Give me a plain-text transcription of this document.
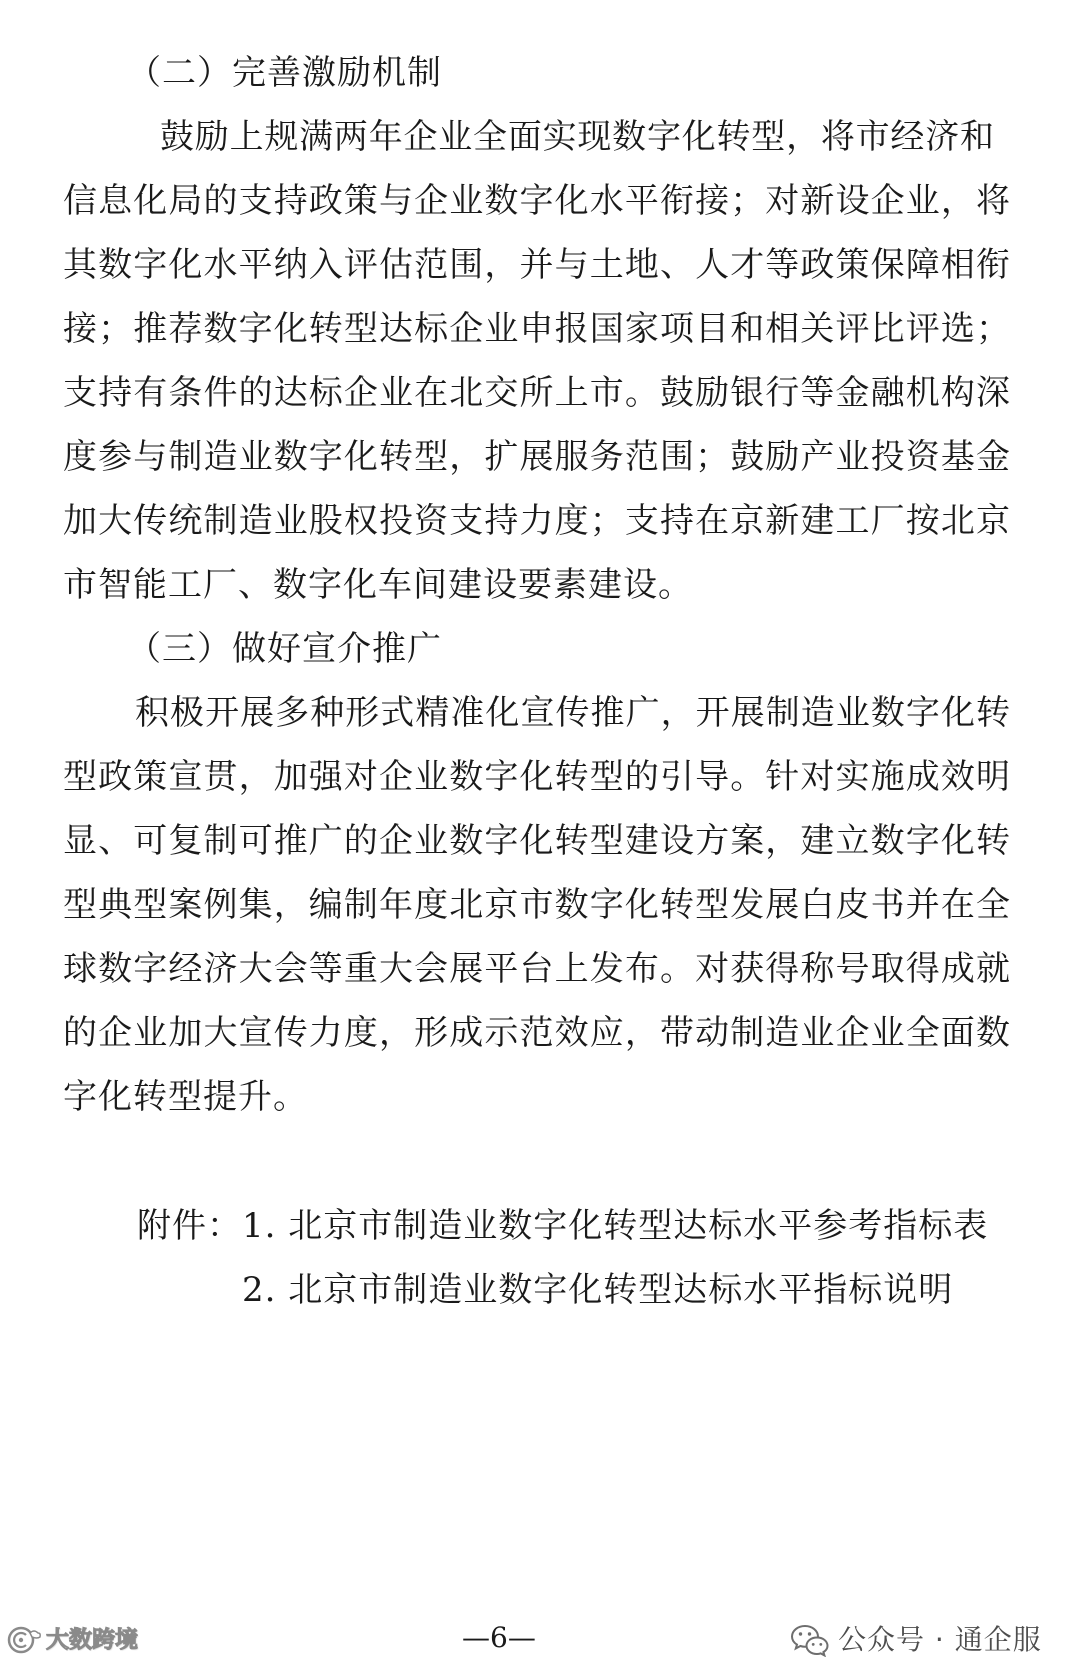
（二）完善激励机制
鼓励上规满两年企业全面实现数字化转型，将市经济和
信息化局的支持政策与企业数字化水平衔接；对新设企业，将
其数字化水平纳入评估范围，并与土地、人才等政策保障相衔
接；推荐数字化转型达标企业申报国家项目和相关评比评选；
支持有条件的达标企业在北交所上市。鼓励银行等金融机构深
度参与制造业数字化转型，扩展服务范围；鼓励产业投资基金
加大传统制造业股权投资支持力度；支持在京新建工厂按北京
市智能工厂、数字化车间建设要素建设。
（三）做好宣介推广
积极开展多种形式精准化宣传推广，开展制造业数字化转
型政策宣贯，加强对企业数字化转型的引导。针对实施成效明
显、可复制可推广的企业数字化转型建设方案，建立数字化转
型典型案例集，编制年度北京市数字化转型发展白皮书并在全
球数字经济大会等重大会展平台上发布。对获得称号取得成就
的企业加大宣传力度，形成示范效应，带动制造业企业全面数
字化转型提升。
附件： 1. 北京市制造业数字化转型达标水平参考指标表
2. 北京市制造业数字化转型达标水平指标说明
—6—
大数跨境	公众号 · 通企服
